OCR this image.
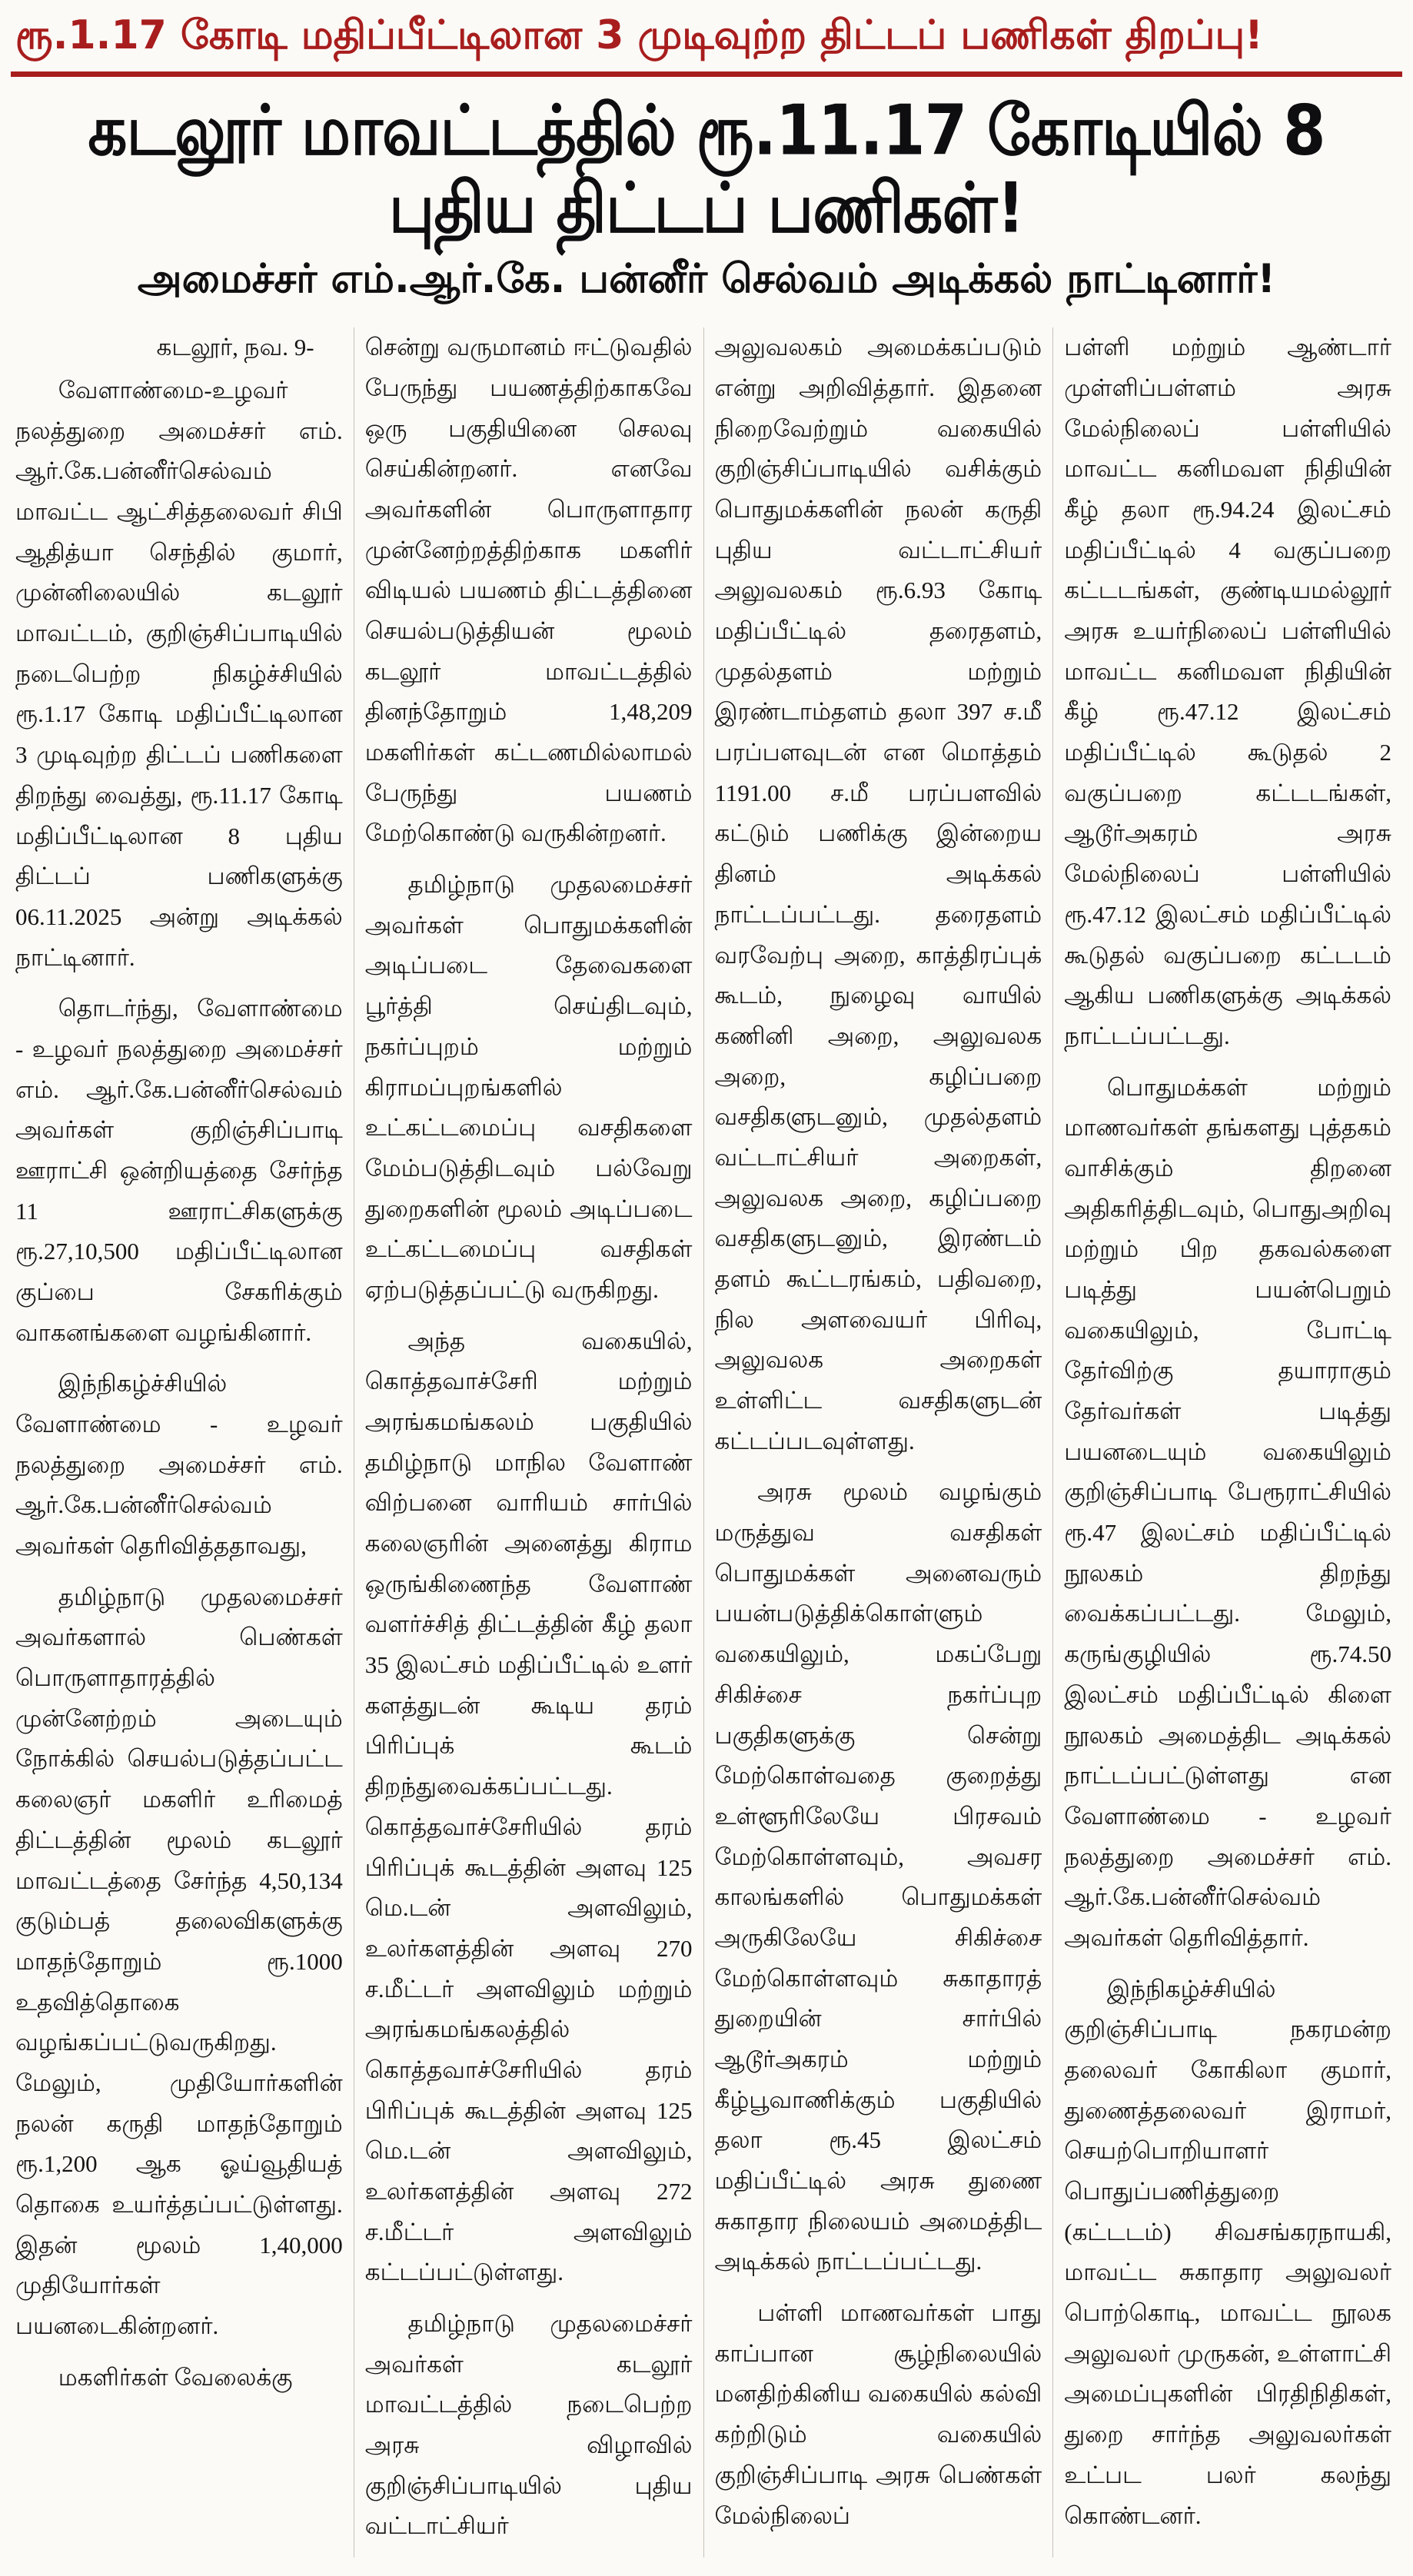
ரூ.1.17 கோடி மதிப்பீட்டிலான 3 முடிவுற்ற திட்டப் பணிகள் திறப்பு!
கடலூர் மாவட்டத்தில் ரூ.11.17 கோடியில் 8 புதிய திட்டப் பணிகள்!
அமைச்சர் எம்.ஆர்.கே. பன்னீர் செல்வம் அடிக்கல் நாட்டினார்!

கடலூர், நவ. 9-

வேளாண்மை-உழவர் நலத்துறை அமைச்சர் எம். ஆர்.கே.பன்னீர்செல்வம் மாவட்ட ஆட்சித்தலைவர் சிபி ஆதித்யா செந்தில் குமார், முன்னிலையில் கடலூர் மாவட்டம், குறிஞ்சிப்பாடியில் நடைபெற்ற நிகழ்ச்சியில் ரூ.1.17 கோடி மதிப்பீட்டிலான 3 முடிவுற்ற திட்டப் பணிகளை திறந்து வைத்து, ரூ.11.17 கோடி மதிப்பீட்டிலான 8 புதிய திட்டப் பணிகளுக்கு 06.11.2025 அன்று அடிக்கல் நாட்டினார்.

தொடர்ந்து, வேளாண்மை - உழவர் நலத்துறை அமைச்சர் எம். ஆர்.கே.பன்னீர்செல்வம் அவர்கள் குறிஞ்சிப்பாடி ஊராட்சி ஒன்றியத்தை சேர்ந்த 11 ஊராட்சிகளுக்கு ரூ.27,10,500 மதிப்பீட்டிலான குப்பை சேகரிக்கும் வாகனங்களை வழங்கினார்.

இந்நிகழ்ச்சியில் வேளாண்மை - உழவர் நலத்துறை அமைச்சர் எம். ஆர்.கே.பன்னீர்செல்வம் அவர்கள் தெரிவித்ததாவது,

தமிழ்நாடு முதலமைச்சர் அவர்களால் பெண்கள் பொருளாதாரத்தில் முன்னேற்றம் அடையும் நோக்கில் செயல்படுத்தப்பட்ட கலைஞர் மகளிர் உரிமைத் திட்டத்தின் மூலம் கடலூர் மாவட்டத்தை சேர்ந்த 4,50,134 குடும்பத் தலைவிகளுக்கு மாதந்தோறும் ரூ.1000 உதவித்தொகை வழங்கப்பட்டுவருகிறது. மேலும், முதியோர்களின் நலன் கருதி மாதந்தோறும் ரூ.1,200 ஆக ஓய்வூதியத் தொகை உயர்த்தப்பட்டுள்ளது. இதன் மூலம் 1,40,000 முதியோர்கள் பயனடைகின்றனர்.

மகளிர்கள் வேலைக்கு

சென்று வருமானம் ஈட்டுவதில் பேருந்து பயணத்திற்காகவே ஒரு பகுதியினை செலவு செய்கின்றனர். எனவே அவர்களின் பொருளாதார முன்னேற்றத்திற்காக மகளிர் விடியல் பயணம் திட்டத்தினை செயல்படுத்தியன் மூலம் கடலூர் மாவட்டத்தில் தினந்தோறும் 1,48,209 மகளிர்கள் கட்டணமில்லாமல் பேருந்து பயணம் மேற்கொண்டு வருகின்றனர்.

தமிழ்நாடு முதலமைச்சர் அவர்கள் பொதுமக்களின் அடிப்படை தேவைகளை பூர்த்தி செய்திடவும், நகர்ப்புறம் மற்றும் கிராமப்புறங்களில் உட்கட்டமைப்பு வசதிகளை மேம்படுத்திடவும் பல்வேறு துறைகளின் மூலம் அடிப்படை உட்கட்டமைப்பு வசதிகள் ஏற்படுத்தப்பட்டு வருகிறது.

அந்த வகையில், கொத்தவாச்சேரி மற்றும் அரங்கமங்கலம் பகுதியில் தமிழ்நாடு மாநில வேளாண் விற்பனை வாரியம் சார்பில் கலைஞரின் அனைத்து கிராம ஒருங்கிணைந்த வேளாண் வளர்ச்சித் திட்டத்தின் கீழ் தலா 35 இலட்சம் மதிப்பீட்டில் உளர் களத்துடன் கூடிய தரம் பிரிப்புக் கூடம் திறந்துவைக்கப்பட்டது. கொத்தவாச்சேரியில் தரம் பிரிப்புக் கூடத்தின் அளவு 125 மெ.டன் அளவிலும், உலர்களத்தின் அளவு 270 ச.மீட்டர் அளவிலும் மற்றும் அரங்கமங்கலத்தில் கொத்தவாச்சேரியில் தரம் பிரிப்புக் கூடத்தின் அளவு 125 மெ.டன் அளவிலும், உலர்களத்தின் அளவு 272 ச.மீட்டர் அளவிலும் கட்டப்பட்டுள்ளது.

தமிழ்நாடு முதலமைச்சர் அவர்கள் கடலூர் மாவட்டத்தில் நடைபெற்ற அரசு விழாவில் குறிஞ்சிப்பாடியில் புதிய வட்டாட்சியர்

அலுவலகம் அமைக்கப்படும் என்று அறிவித்தார். இதனை நிறைவேற்றும் வகையில் குறிஞ்சிப்பாடியில் வசிக்கும் பொதுமக்களின் நலன் கருதி புதிய வட்டாட்சியர் அலுவலகம் ரூ.6.93 கோடி மதிப்பீட்டில் தரைதளம், முதல்தளம் மற்றும் இரண்டாம்தளம் தலா 397 ச.மீ பரப்பளவுடன் என மொத்தம் 1191.00 ச.மீ பரப்பளவில் கட்டும் பணிக்கு இன்றைய தினம் அடிக்கல் நாட்டப்பட்டது. தரைதளம் வரவேற்பு அறை, காத்திரப்புக் கூடம், நுழைவு வாயில் கணினி அறை, அலுவலக அறை, கழிப்பறை வசதிகளுடனும், முதல்தளம் வட்டாட்சியர் அறைகள், அலுவலக அறை, கழிப்பறை வசதிகளுடனும், இரண்டம் தளம் கூட்டரங்கம், பதிவறை, நில அளவையர் பிரிவு, அலுவலக அறைகள் உள்ளிட்ட வசதிகளுடன் கட்டப்படவுள்ளது.

அரசு மூலம் வழங்கும் மருத்துவ வசதிகள் பொதுமக்கள் அனைவரும் பயன்படுத்திக்கொள்ளும் வகையிலும், மகப்பேறு சிகிச்சை நகர்ப்புற பகுதிகளுக்கு சென்று மேற்கொள்வதை குறைத்து உள்ளூரிலேயே பிரசவம் மேற்கொள்ளவும், அவசர காலங்களில் பொதுமக்கள் அருகிலேயே சிகிச்சை மேற்கொள்ளவும் சுகாதாரத் துறையின் சார்பில் ஆடூர்அகரம் மற்றும் கீழ்பூவாணிக்கும் பகுதியில் தலா ரூ.45 இலட்சம் மதிப்பீட்டில் அரசு துணை சுகாதார நிலையம் அமைத்திட அடிக்கல் நாட்டப்பட்டது.

பள்ளி மாணவர்கள் பாது காப்பான சூழ்நிலையில் மனதிற்கினிய வகையில் கல்வி கற்றிடும் வகையில் குறிஞ்சிப்பாடி அரசு பெண்கள் மேல்நிலைப்

பள்ளி மற்றும் ஆண்டார் முள்ளிப்பள்ளம் அரசு மேல்நிலைப் பள்ளியில் மாவட்ட கனிமவள நிதியின் கீழ் தலா ரூ.94.24 இலட்சம் மதிப்பீட்டில் 4 வகுப்பறை கட்டடங்கள், குண்டியமல்லூர் அரசு உயர்நிலைப் பள்ளியில் மாவட்ட கனிமவள நிதியின் கீழ் ரூ.47.12 இலட்சம் மதிப்பீட்டில் கூடுதல் 2 வகுப்பறை கட்டடங்கள், ஆடூர்அகரம் அரசு மேல்நிலைப் பள்ளியில் ரூ.47.12 இலட்சம் மதிப்பீட்டில் கூடுதல் வகுப்பறை கட்டடம் ஆகிய பணிகளுக்கு அடிக்கல் நாட்டப்பட்டது.

பொதுமக்கள் மற்றும் மாணவர்கள் தங்களது புத்தகம் வாசிக்கும் திறனை அதிகரித்திடவும், பொதுஅறிவு மற்றும் பிற தகவல்களை படித்து பயன்பெறும் வகையிலும், போட்டி தேர்விற்கு தயாராகும் தேர்வர்கள் படித்து பயனடையும் வகையிலும் குறிஞ்சிப்பாடி பேரூராட்சியில் ரூ.47 இலட்சம் மதிப்பீட்டில் நூலகம் திறந்து வைக்கப்பட்டது. மேலும், கருங்குழியில் ரூ.74.50 இலட்சம் மதிப்பீட்டில் கிளை நூலகம் அமைத்திட அடிக்கல் நாட்டப்பட்டுள்ளது என வேளாண்மை - உழவர் நலத்துறை அமைச்சர் எம். ஆர்.கே.பன்னீர்செல்வம் அவர்கள் தெரிவித்தார்.

இந்நிகழ்ச்சியில் குறிஞ்சிப்பாடி நகரமன்ற தலைவர் கோகிலா குமார், துணைத்தலைவர் இராமர், செயற்பொறியாளர் பொதுப்பணித்துறை (கட்டடம்) சிவசங்கரநாயகி, மாவட்ட சுகாதார அலுவலர் பொற்கொடி, மாவட்ட நூலக அலுவலர் முருகன், உள்ளாட்சி அமைப்புகளின் பிரதிநிதிகள், துறை சார்ந்த அலுவலர்கள் உட்பட பலர் கலந்து கொண்டனர்.
